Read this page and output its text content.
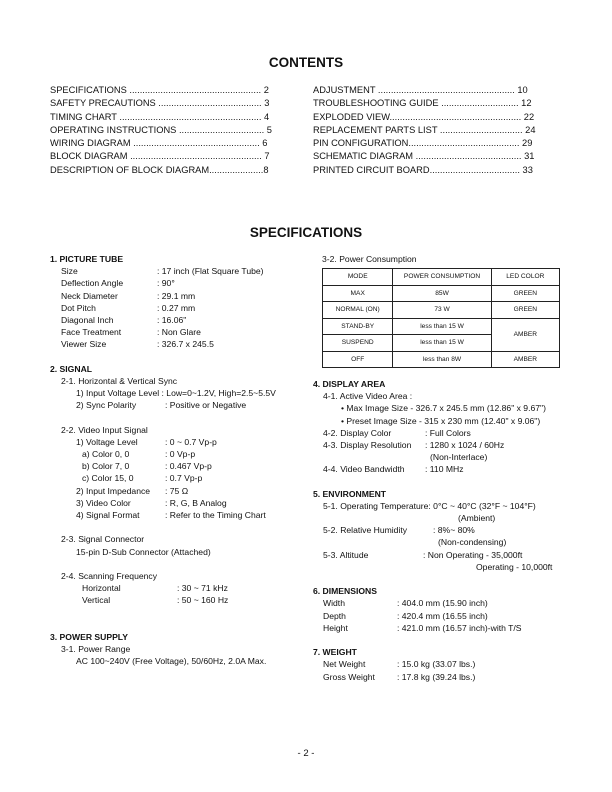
CONTENTS
SPECIFICATIONS ................................................... 2
SAFETY PRECAUTIONS ........................................ 3
TIMING CHART ....................................................... 4
OPERATING INSTRUCTIONS ................................. 5
WIRING DIAGRAM ................................................. 6
BLOCK DIAGRAM ................................................... 7
DESCRIPTION OF BLOCK DIAGRAM.....................8
ADJUSTMENT ..................................................... 10
TROUBLESHOOTING GUIDE .............................. 12
EXPLODED VIEW................................................... 22
REPLACEMENT PARTS LIST ................................ 24
PIN CONFIGURATION........................................... 29
SCHEMATIC DIAGRAM ......................................... 31
PRINTED CIRCUIT BOARD................................... 33
SPECIFICATIONS
1. PICTURE TUBE
Size	: 17 inch (Flat Square Tube)
Deflection Angle	: 90°
Neck Diameter	: 29.1 mm
Dot Pitch	: 0.27 mm
Diagonal Inch	: 16.06"
Face Treatment	: Non Glare
Viewer Size	: 326.7 x 245.5
2. SIGNAL
2-1. Horizontal & Vertical Sync
1) Input Voltage Level : Low=0~1.2V, High=2.5~5.5V
2) Sync Polarity	: Positive or Negative
2-2. Video Input Signal
1) Voltage Level	: 0 ~ 0.7 Vp-p
a) Color 0, 0	: 0 Vp-p
b) Color 7, 0	: 0.467 Vp-p
c) Color 15, 0	: 0.7 Vp-p
2) Input Impedance : 75 Ω
3) Video Color	: R, G, B Analog
4) Signal Format	: Refer to the Timing Chart
2-3. Signal Connector
15-pin D-Sub Connector (Attached)
2-4. Scanning Frequency
Horizontal	: 30 ~ 71 kHz
Vertical	: 50 ~ 160 Hz
3. POWER SUPPLY
3-1. Power Range
AC 100~240V (Free Voltage), 50/60Hz, 2.0A Max.
3-2. Power Consumption
MODE	POWER CONSUMPTION	LED COLOR
MAX	85W	GREEN
NORMAL (ON)	73 W	GREEN
STAND-BY	less than 15 W	AMBER
SUSPEND	less than 15 W	
OFF	less than 8W	AMBER
4. DISPLAY AREA
4-1. Active Video Area :
• Max Image Size - 326.7 x 245.5 mm (12.86" x 9.67")
• Preset Image Size - 315 x 230 mm (12.40" x 9.06")
4-2. Display Color	: Full Colors
4-3. Display Resolution : 1280 x 1024 / 60Hz
(Non-Interlace)
4-4. Video Bandwidth : 110 MHz
5. ENVIRONMENT
5-1. Operating Temperature: 0°C ~ 40°C (32°F ~ 104°F)
(Ambient)
5-2. Relative Humidity	: 8%~ 80%
(Non-condensing)
5-3. Altitude	: Non Operating - 35,000ft
Operating - 10,000ft
6. DIMENSIONS
Width	: 404.0 mm (15.90 inch)
Depth	: 420.4 mm (16.55 inch)
Height	: 421.0 mm (16.57 inch)-with T/S
7. WEIGHT
Net Weight	: 15.0 kg (33.07 lbs.)
Gross Weight	: 17.8 kg (39.24 lbs.)
- 2 -
